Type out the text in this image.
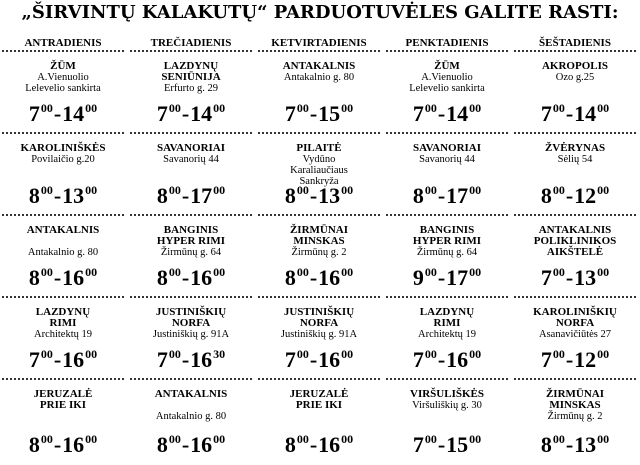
„ŠIRVINTŲ KALAKUTŲ“ PARDUOTUVĖLES GALITE RASTI:
ANTRADIENIS
ŽŪM
A.Vienuolio
Lelevelio sankirta
$7^{00}-14^{00}$
KAROLINIŠKĖS
Povilaičio g.20
$8^{00}-13^{00}$
ANTAKALNIS

Antakalnio g. 80
$8^{00}-16^{00}$
LAZDYNŲ
RIMI
Architektų 19
$7^{00}-16^{00}$
JERUZALĖ
PRIE IKI
$8^{00}-16^{00}$
TREČIADIENIS
LAZDYNŲ
SENIŪNIJA
Erfurto g. 29
$7^{00}-14^{00}$
SAVANORIAI
Savanorių 44
$8^{00}-17^{00}$
BANGINIS
HYPER RIMI
Žirmūnų g. 64
$8^{00}-16^{00}$
JUSTINIŠKIŲ
NORFA
Justiniškių g. 91A
$7^{00}-16^{30}$
ANTAKALNIS

Antakalnio g. 80
$8^{00}-16^{00}$
KETVIRTADIENIS
ANTAKALNIS
Antakalnio g. 80
$7^{00}-15^{00}$
PILAITĖ
Vydūno
Karaliaučiaus
Sankryža
$8^{00}-13^{00}$
ŽIRMŪNAI
MINSKAS
Žirmūnų g. 2
$8^{00}-16^{00}$
JUSTINIŠKIŲ
NORFA
Justiniškių g. 91A
$7^{00}-16^{00}$
JERUZALĖ
PRIE IKI
$8^{00}-16^{00}$
PENKTADIENIS
ŽŪM
A.Vienuolio
Lelevelio sankirta
$7^{00}-14^{00}$
SAVANORIAI
Savanorių 44
$8^{00}-17^{00}$
BANGINIS
HYPER RIMI
Žirmūnų g. 64
$9^{00}-17^{00}$
LAZDYNŲ
RIMI
Architektų 19
$7^{00}-16^{00}$
VIRŠULIŠKĖS
Viršuliškių g. 30
$7^{00}-15^{00}$
ŠEŠTADIENIS
AKROPOLIS
Ozo g.25
$7^{00}-14^{00}$
ŽVĖRYNAS
Sėlių 54
$8^{00}-12^{00}$
ANTAKALNIS
POLIKLINIKOS
AIKŠTELĖ
$7^{00}-13^{00}$
KAROLINIŠKIŲ
NORFA
Asanavičiūtės 27
$7^{00}-12^{00}$
ŽIRMŪNAI
MINSKAS
Žirmūnų g. 2
$8^{00}-13^{00}$
